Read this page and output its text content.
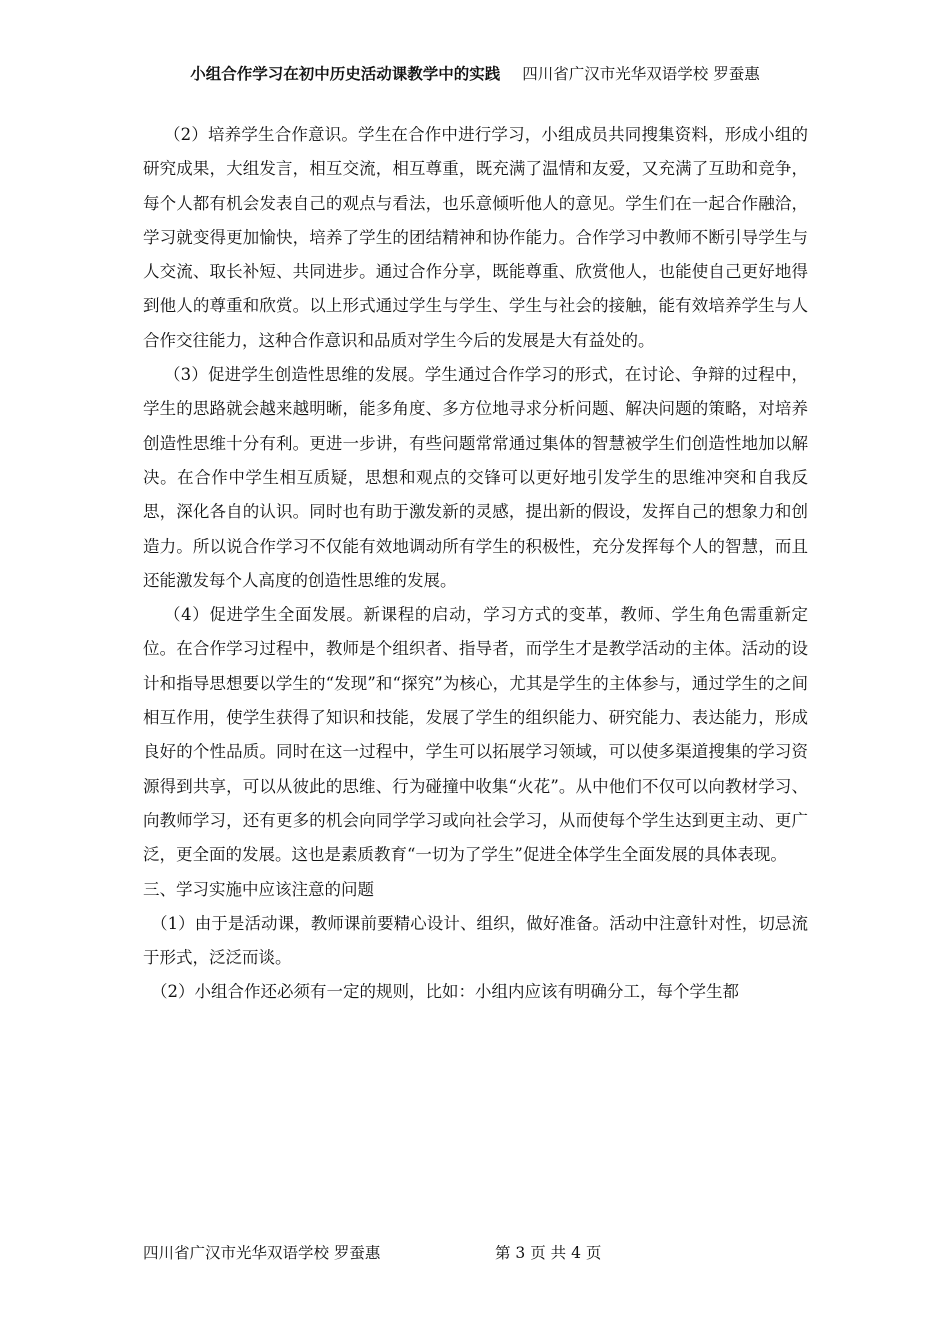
小组合作学习在初中历史活动课教学中的实践 四川省广汉市光华双语学校 罗蚕惠

（2）培养学生合作意识。学生在合作中进行学习，小组成员共同搜集资料，形成小组的研究成果，大组发言，相互交流，相互尊重，既充满了温情和友爱，又充满了互助和竞争，每个人都有机会发表自己的观点与看法，也乐意倾听他人的意见。学生们在一起合作融洽，学习就变得更加愉快，培养了学生的团结精神和协作能力。合作学习中教师不断引导学生与人交流、取长补短、共同进步。通过合作分享，既能尊重、欣赏他人，也能使自己更好地得到他人的尊重和欣赏。以上形式通过学生与学生、学生与社会的接触，能有效培养学生与人合作交往能力，这种合作意识和品质对学生今后的发展是大有益处的。

（3）促进学生创造性思维的发展。学生通过合作学习的形式，在讨论、争辩的过程中，学生的思路就会越来越明晰，能多角度、多方位地寻求分析问题、解决问题的策略，对培养创造性思维十分有利。更进一步讲，有些问题常常通过集体的智慧被学生们创造性地加以解决。在合作中学生相互质疑，思想和观点的交锋可以更好地引发学生的思维冲突和自我反思，深化各自的认识。同时也有助于激发新的灵感，提出新的假设，发挥自己的想象力和创造力。所以说合作学习不仅能有效地调动所有学生的积极性，充分发挥每个人的智慧，而且还能激发每个人高度的创造性思维的发展。

（4）促进学生全面发展。新课程的启动，学习方式的变革，教师、学生角色需重新定位。在合作学习过程中，教师是个组织者、指导者，而学生才是教学活动的主体。活动的设计和指导思想要以学生的“发现”和“探究”为核心，尤其是学生的主体参与，通过学生的之间相互作用，使学生获得了知识和技能，发展了学生的组织能力、研究能力、表达能力，形成良好的个性品质。同时在这一过程中，学生可以拓展学习领域，可以使多渠道搜集的学习资源得到共享，可以从彼此的思维、行为碰撞中收集“火花”。从中他们不仅可以向教材学习、向教师学习，还有更多的机会向同学学习或向社会学习，从而使每个学生达到更主动、更广泛，更全面的发展。这也是素质教育“一切为了学生”促进全体学生全面发展的具体表现。

三、学习实施中应该注意的问题

（1）由于是活动课，教师课前要精心设计、组织，做好准备。活动中注意针对性，切忌流于形式，泛泛而谈。

（2）小组合作还必须有一定的规则，比如：小组内应该有明确分工，每个学生都

四川省广汉市光华双语学校 罗蚕惠	第 3 页 共 4 页
